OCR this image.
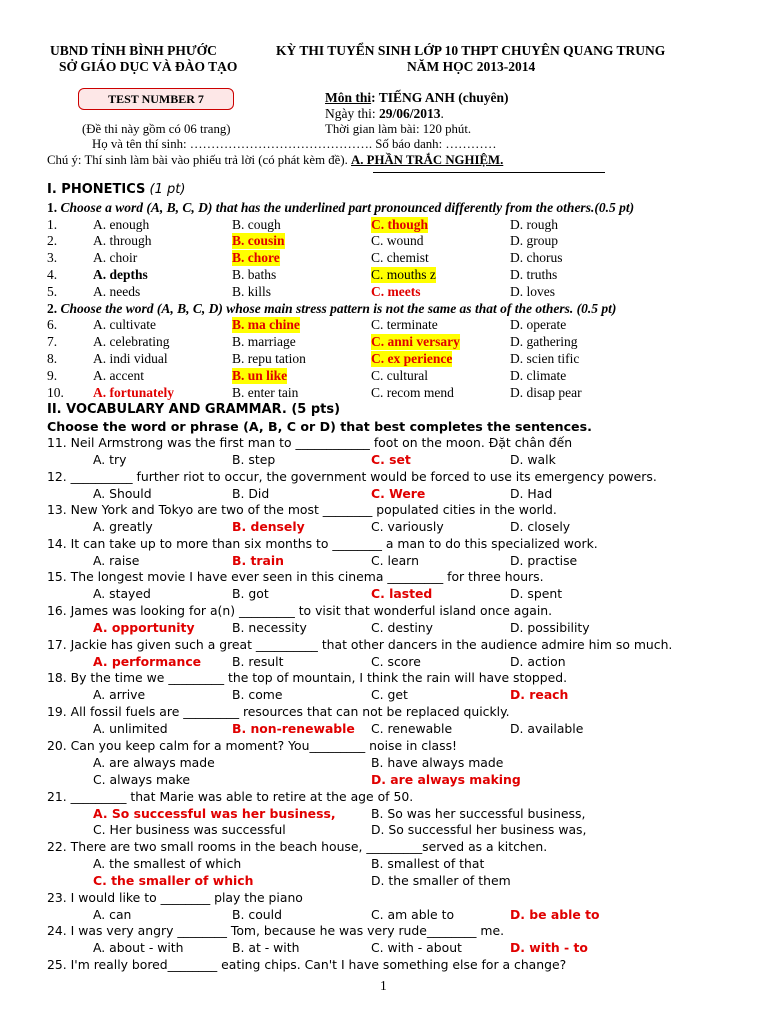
UBND TỈNH BÌNH PHƯỚC
SỞ GIÁO DỤC VÀ ĐÀO TẠO
KỲ THI TUYỂN SINH LỚP 10 THPT CHUYÊN QUANG TRUNG
NĂM HỌC 2013-2014
TEST NUMBER 7
(Đề thi này gồm có 06 trang)
Môn thi: TIẾNG ANH (chuyên)
Ngày thi: 29/06/2013.
Thời gian làm bài: 120 phút.
Họ và tên thí sinh: ……………………………………. Số báo danh: …………
Chú ý: Thí sinh làm bài vào phiếu trả lời (có phát kèm đề). A. PHẦN TRẮC NGHIỆM.
I. PHONETICS (1 pt)
1. Choose a word (A, B, C, D) that has the underlined part pronounced differently from the others.(0.5 pt)
1.	A. enough	B. cough	C. though	D. rough
2.	A. through	B. cousin	C. wound	D. group
3.	A. choir	B. chore	C. chemist	D. chorus
4.	A. depths	B. baths	C. mouths z	D. truths
5.	A. needs	B. kills	C. meets	D. loves
2. Choose the word (A, B, C, D) whose main stress pattern is not the same as that of the others. (0.5 pt)
6.	A. cultivate	B. ma chine	C. terminate	D. operate
7.	A. celebrating	B. marriage	C. anni versary	D. gathering
8.	A. indi vidual	B. repu tation	C. ex perience	D. scien tific
9.	A. accent	B. un like	C. cultural	D. climate
10. A. fortunately	B. enter tain	C. recom mend	D. disap pear
II. VOCABULARY AND GRAMMAR. (5 pts)
Choose the word or phrase (A, B, C or D) that best completes the sentences.
11. Neil Armstrong was the first man to ____________ foot on the moon. Đặt chân đến
A. try	B. step	C. set	D. walk
12. __________ further riot to occur, the government would be forced to use its emergency powers.
A. Should	B. Did	C. Were	D. Had
13. New York and Tokyo are two of the most ________ populated cities in the world.
A. greatly	B. densely	C. variously	D. closely
14. It can take up to more than six months to ________ a man to do this specialized work.
A. raise	B. train	C. learn	D. practise
15. The longest movie I have ever seen in this cinema _________ for three hours.
A. stayed	B. got	C. lasted	D. spent
16. James was looking for a(n) _________ to visit that wonderful island once again.
A. opportunity	B. necessity	C. destiny	D. possibility
17. Jackie has given such a great __________ that other dancers in the audience admire him so much.
A. performance B. result	C. score	D. action
18. By the time we _________ the top of mountain, I think the rain will have stopped.
A. arrive	B. come	C. get	D. reach
19. All fossil fuels are _________ resources that can not be replaced quickly.
A. unlimited	B. non-renewable C. renewable	D. available
20. Can you keep calm for a moment? You_________ noise in class!
A. are always made	B. have always made
C. always make	D. are always making
21. _________ that Marie was able to retire at the age of 50.
A. So successful was her business,	B. So was her successful business,
C. Her business was successful	D. So successful her business was,
22. There are two small rooms in the beach house, _________served as a kitchen.
A. the smallest of which	B. smallest of that
C. the smaller of which	D. the smaller of them
23. I would like to ________ play the piano
A. can	B. could	C. am able to	D. be able to
24. I was very angry ________ Tom, because he was very rude________ me.
A. about - with	B. at - with	C. with - about	D. with - to
25. I'm really bored________ eating chips. Can't I have something else for a change?
1
